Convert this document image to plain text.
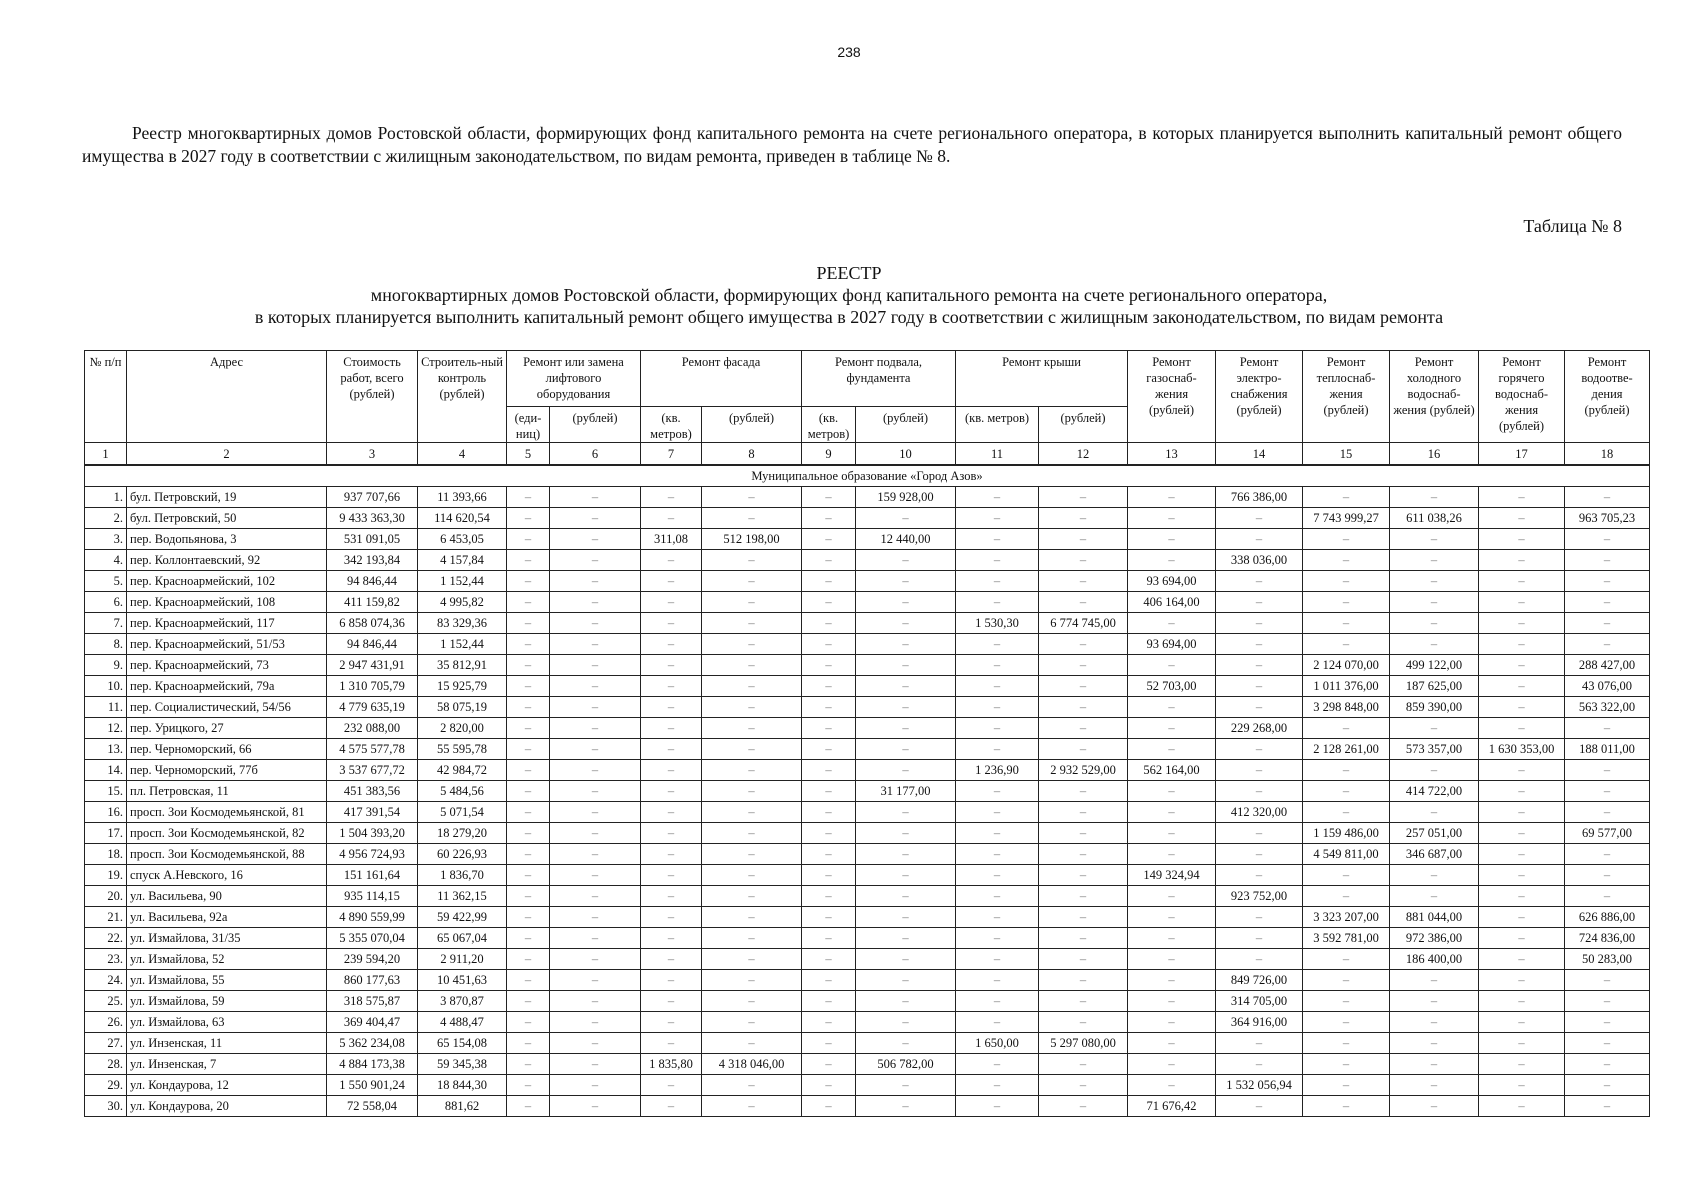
238
Реестр многоквартирных домов Ростовской области, формирующих фонд капитального ремонта на счете регионального оператора, в которых планируется выполнить капитальный ремонт общего имущества в 2027 году в соответствии с жилищным законодательством, по видам ремонта, приведен в таблице № 8.
Таблица № 8
РЕЕСТР
многоквартирных домов Ростовской области, формирующих фонд капитального ремонта на счете регионального оператора,
в которых планируется выполнить капитальный ремонт общего имущества в 2027 году в соответствии с жилищным законодательством, по видам ремонта
№ п/п	Адрес	Стоимость работ, всего (рублей)	Строитель-ный контроль (рублей)	Ремонт или замена лифтового оборудования		Ремонт фасада		Ремонт подвала, фундамента		Ремонт крыши		Ремонт газоснаб-жения (рублей)	Ремонт электро-снабжения (рублей)	Ремонт теплоснаб-жения (рублей)	Ремонт холодного водоснаб-жения (рублей)	Ремонт горячего водоснаб-жения (рублей)	Ремонт водоотве-дения (рублей)
				(еди-ниц)	(рублей)	(кв. метров)	(рублей)	(кв. метров)	(рублей)	(кв. метров)	(рублей)						
1	2	3	4	5	6	7	8	9	10	11	12	13	14	15	16	17	18
Муниципальное образование «Город Азов»																	
1.	бул. Петровский, 19	937 707,66	11 393,66	–	–	–	–	–	159 928,00	–	–	–	766 386,00	–	–	–	–
2.	бул. Петровский, 50	9 433 363,30	114 620,54	–	–	–	–	–	–	–	–	–	–	7 743 999,27	611 038,26	–	963 705,23
3.	пер. Водопьянова, 3	531 091,05	6 453,05	–	–	311,08	512 198,00	–	12 440,00	–	–	–	–	–	–	–	–
4.	пер. Коллонтаевский, 92	342 193,84	4 157,84	–	–	–	–	–	–	–	–	–	338 036,00	–	–	–	–
5.	пер. Красноармейский, 102	94 846,44	1 152,44	–	–	–	–	–	–	–	–	93 694,00	–	–	–	–	–
6.	пер. Красноармейский, 108	411 159,82	4 995,82	–	–	–	–	–	–	–	–	406 164,00	–	–	–	–	–
7.	пер. Красноармейский, 117	6 858 074,36	83 329,36	–	–	–	–	–	–	1 530,30	6 774 745,00	–	–	–	–	–	–
8.	пер. Красноармейский, 51/53	94 846,44	1 152,44	–	–	–	–	–	–	–	–	93 694,00	–	–	–	–	–
9.	пер. Красноармейский, 73	2 947 431,91	35 812,91	–	–	–	–	–	–	–	–	–	–	2 124 070,00	499 122,00	–	288 427,00
10.	пер. Красноармейский, 79а	1 310 705,79	15 925,79	–	–	–	–	–	–	–	–	52 703,00	–	1 011 376,00	187 625,00	–	43 076,00
11.	пер. Социалистический, 54/56	4 779 635,19	58 075,19	–	–	–	–	–	–	–	–	–	–	3 298 848,00	859 390,00	–	563 322,00
12.	пер. Урицкого, 27	232 088,00	2 820,00	–	–	–	–	–	–	–	–	–	229 268,00	–	–	–	–
13.	пер. Черноморский, 66	4 575 577,78	55 595,78	–	–	–	–	–	–	–	–	–	–	2 128 261,00	573 357,00	1 630 353,00	188 011,00
14.	пер. Черноморский, 77б	3 537 677,72	42 984,72	–	–	–	–	–	–	1 236,90	2 932 529,00	562 164,00	–	–	–	–	–
15.	пл. Петровская, 11	451 383,56	5 484,56	–	–	–	–	–	31 177,00	–	–	–	–	–	414 722,00	–	–
16.	просп. Зои Космодемьянской, 81	417 391,54	5 071,54	–	–	–	–	–	–	–	–	–	412 320,00	–	–	–	–
17.	просп. Зои Космодемьянской, 82	1 504 393,20	18 279,20	–	–	–	–	–	–	–	–	–	–	1 159 486,00	257 051,00	–	69 577,00
18.	просп. Зои Космодемьянской, 88	4 956 724,93	60 226,93	–	–	–	–	–	–	–	–	–	–	4 549 811,00	346 687,00	–	–
19.	спуск А.Невского, 16	151 161,64	1 836,70	–	–	–	–	–	–	–	–	149 324,94	–	–	–	–	–
20.	ул. Васильева, 90	935 114,15	11 362,15	–	–	–	–	–	–	–	–	–	923 752,00	–	–	–	–
21.	ул. Васильева, 92а	4 890 559,99	59 422,99	–	–	–	–	–	–	–	–	–	–	3 323 207,00	881 044,00	–	626 886,00
22.	ул. Измайлова, 31/35	5 355 070,04	65 067,04	–	–	–	–	–	–	–	–	–	–	3 592 781,00	972 386,00	–	724 836,00
23.	ул. Измайлова, 52	239 594,20	2 911,20	–	–	–	–	–	–	–	–	–	–	–	186 400,00	–	50 283,00
24.	ул. Измайлова, 55	860 177,63	10 451,63	–	–	–	–	–	–	–	–	–	849 726,00	–	–	–	–
25.	ул. Измайлова, 59	318 575,87	3 870,87	–	–	–	–	–	–	–	–	–	314 705,00	–	–	–	–
26.	ул. Измайлова, 63	369 404,47	4 488,47	–	–	–	–	–	–	–	–	–	364 916,00	–	–	–	–
27.	ул. Инзенская, 11	5 362 234,08	65 154,08	–	–	–	–	–	–	1 650,00	5 297 080,00	–	–	–	–	–	–
28.	ул. Инзенская, 7	4 884 173,38	59 345,38	–	–	1 835,80	4 318 046,00	–	506 782,00	–	–	–	–	–	–	–	–
29.	ул. Кондаурова, 12	1 550 901,24	18 844,30	–	–	–	–	–	–	–	–	–	1 532 056,94	–	–	–	–
30.	ул. Кондаурова, 20	72 558,04	881,62	–	–	–	–	–	–	–	–	71 676,42	–	–	–	–	–
